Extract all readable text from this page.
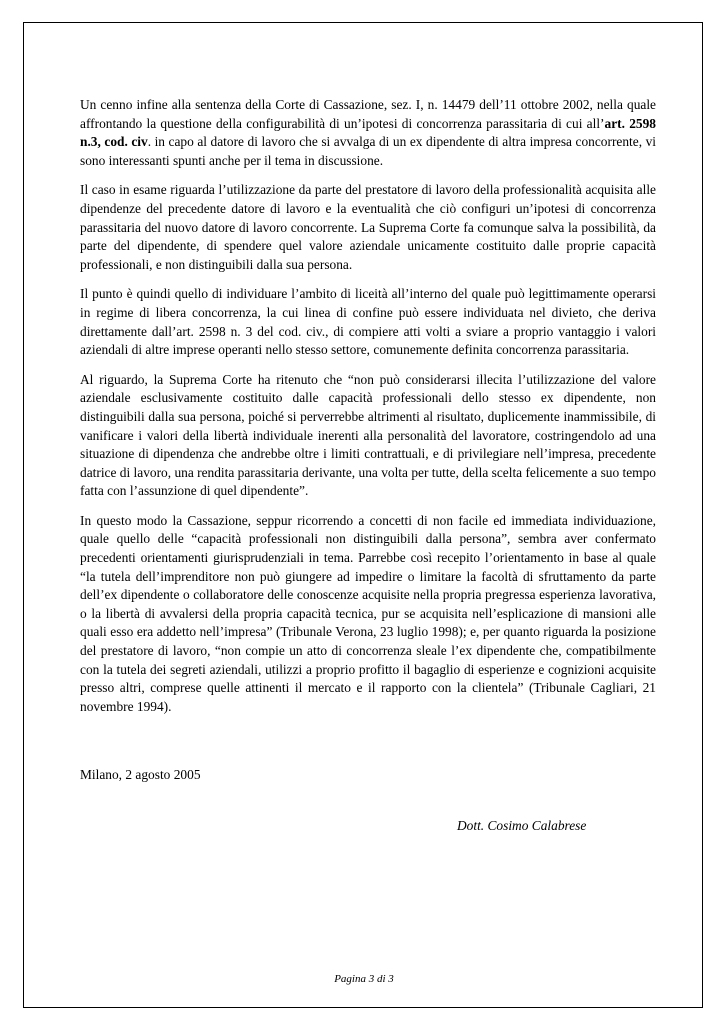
Un cenno infine alla sentenza della Corte di Cassazione, sez. I, n. 14479 dell’11 ottobre 2002, nella quale affrontando la questione della configurabilità di un’ipotesi di concorrenza parassitaria di cui all’art. 2598 n.3, cod. civ. in capo al datore di lavoro che si avvalga di un ex dipendente di altra impresa concorrente, vi sono interessanti spunti anche per il tema in discussione.

Il caso in esame riguarda l’utilizzazione da parte del prestatore di lavoro della professionalità acquisita alle dipendenze del precedente datore di lavoro e la eventualità che ciò configuri un’ipotesi di concorrenza parassitaria del nuovo datore di lavoro concorrente. La Suprema Corte fa comunque salva la possibilità, da parte del dipendente, di spendere quel valore aziendale unicamente costituito dalle proprie capacità professionali, e non distinguibili dalla sua persona.

Il punto è quindi quello di individuare l’ambito di liceità all’interno del quale può legittimamente operarsi in regime di libera concorrenza, la cui linea di confine può essere individuata nel divieto, che deriva direttamente dall’art. 2598 n. 3 del cod. civ., di compiere atti volti a sviare a proprio vantaggio i valori aziendali di altre imprese operanti nello stesso settore, comunemente definita concorrenza parassitaria.

Al riguardo, la Suprema Corte ha ritenuto che “non può considerarsi illecita l’utilizzazione del valore aziendale esclusivamente costituito dalle capacità professionali dello stesso ex dipendente, non distinguibili dalla sua persona, poiché si perverrebbe altrimenti al risultato, duplicemente inammissibile, di vanificare i valori della libertà individuale inerenti alla personalità del lavoratore, costringendolo ad una situazione di dipendenza che andrebbe oltre i limiti contrattuali, e di privilegiare nell’impresa, precedente datrice di lavoro, una rendita parassitaria derivante, una volta per tutte, della scelta felicemente a suo tempo fatta con l’assunzione di quel dipendente”.

In questo modo la Cassazione, seppur ricorrendo a concetti di non facile ed immediata individuazione, quale quello delle “capacità professionali non distinguibili dalla persona”, sembra aver confermato precedenti orientamenti giurisprudenziali in tema. Parrebbe così recepito l’orientamento in base al quale “la tutela dell’imprenditore non può giungere ad impedire o limitare la facoltà di sfruttamento da parte dell’ex dipendente o collaboratore delle conoscenze acquisite nella propria pregressa esperienza lavorativa, o la libertà di avvalersi della propria capacità tecnica, pur se acquisita nell’esplicazione di mansioni alle quali esso era addetto nell’impresa” (Tribunale Verona, 23 luglio 1998); e, per quanto riguarda la posizione del prestatore di lavoro, “non compie un atto di concorrenza sleale l’ex dipendente che, compatibilmente con la tutela dei segreti aziendali, utilizzi a proprio profitto il bagaglio di esperienze e cognizioni acquisite presso altri, comprese quelle attinenti il mercato e il rapporto con la clientela” (Tribunale Cagliari, 21 novembre 1994).

Milano, 2 agosto 2005
Dott. Cosimo Calabrese
Pagina 3 di 3
